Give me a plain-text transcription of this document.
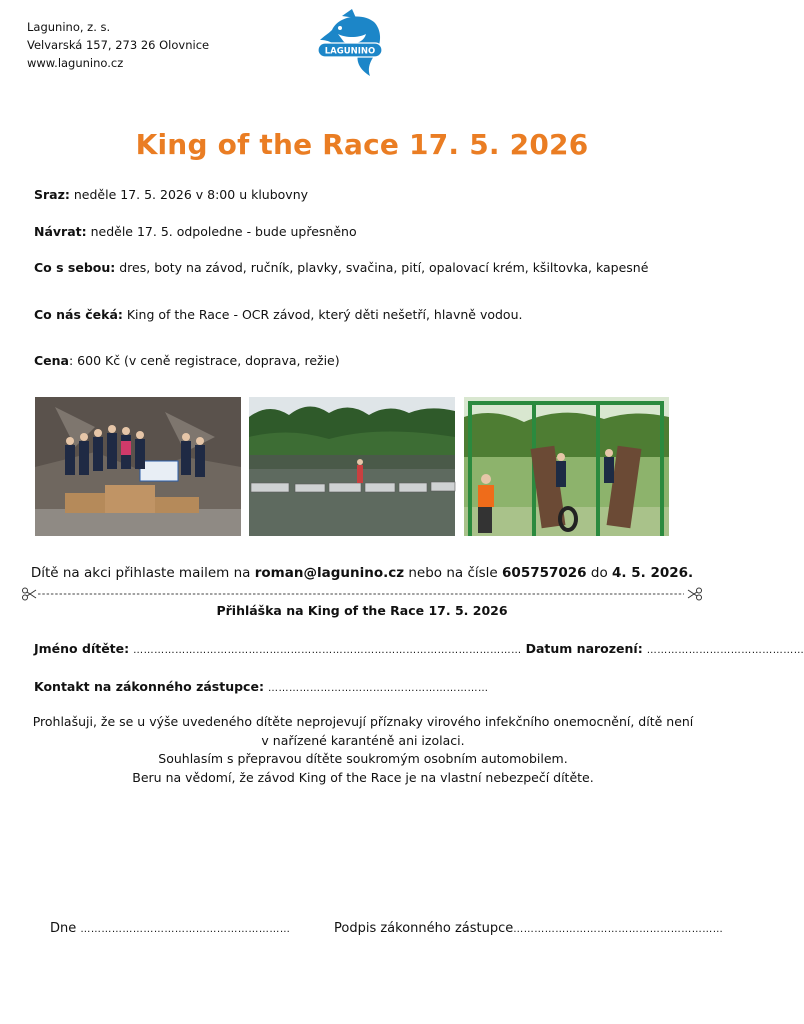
Lagunino, z. s.
Velvarská 157, 273 26 Olovnice
www.lagunino.cz
LAGUNINO
King of the Race 17. 5. 2026
Sraz: neděle 17. 5. 2026 v 8:00 u klubovny
Návrat: neděle 17. 5. odpoledne - bude upřesněno
Co s sebou: dres, boty na závod, ručník, plavky, svačina, pití, opalovací krém, kšiltovka, kapesné
Co nás čeká: King of the Race - OCR závod, který děti nešetří, hlavně vodou.
Cena: 600 Kč (v ceně registrace, doprava, režie)
Dítě na akci přihlaste mailem na roman@lagunino.cz nebo na čísle 605757026 do 4. 5. 2026.
Přihláška na King of the Race 17. 5. 2026
Jméno dítěte: ………………………………………………………………………………………………… Datum narození: ………………………………………
Kontakt na zákonného zástupce: ………………………………………………………
Prohlašuji, že se u výše uvedeného dítěte neprojevují příznaky virového infekčního onemocnění, dítě není v nařízené karanténě ani izolaci.
Souhlasím s přepravou dítěte soukromým osobním automobilem.
Beru na vědomí, že závod King of the Race je na vlastní nebezpečí dítěte.
Dne ……………………………………………………	Podpis zákonného zástupce……………………………………………………
